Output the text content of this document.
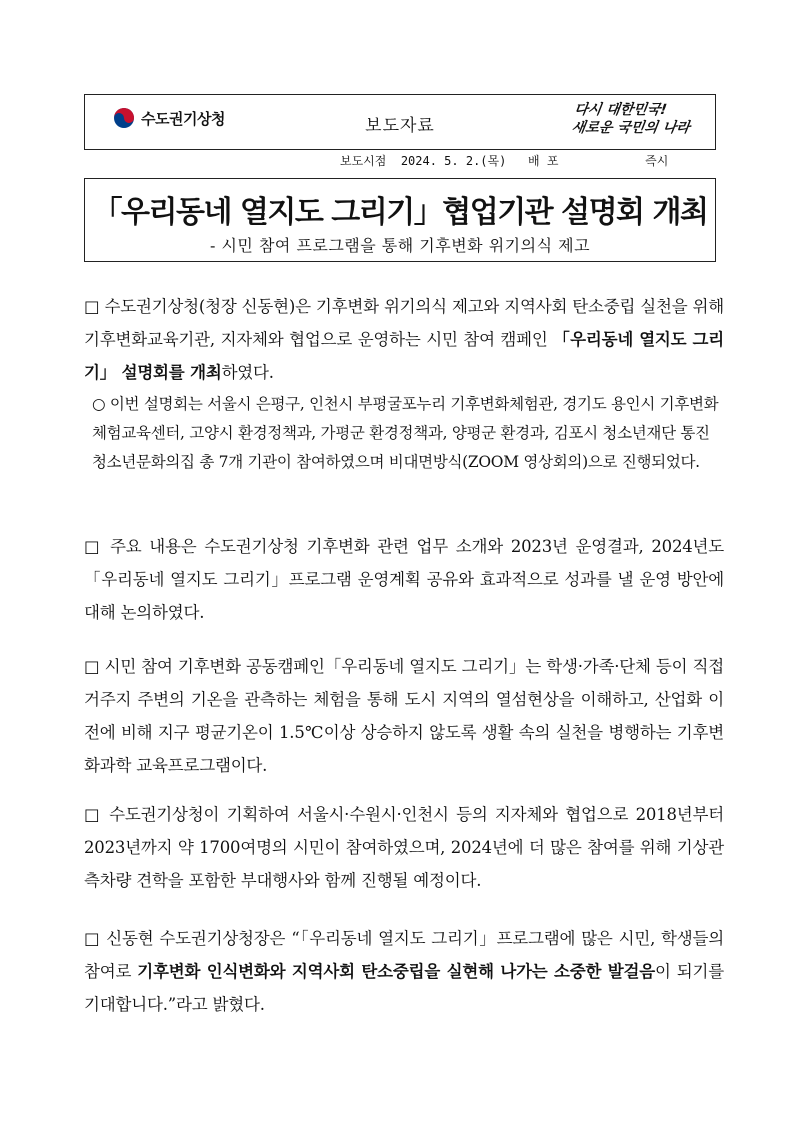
수도권기상청	보도자료
다시 대한민국!
새로운 국민의 나라
보도시점
2024. 5. 2.(목)
배 포
	즉시
「우리동네 열지도 그리기」협업기관 설명회 개최
- 시민 참여 프로그램을 통해 기후변화 위기의식 제고
□ 수도권기상청(청장 신동현)은 기후변화 위기의식 제고와 지역사회 탄소중립 실천을 위해 기후변화교육기관, 지자체와 협업으로 운영하는 시민 참여 캠페인 「우리동네 열지도 그리기」 설명회를 개최하였다.
○ 이번 설명회는 서울시 은평구, 인천시 부평굴포누리 기후변화체험관, 경기도 용인시 기후변화체험교육센터, 고양시 환경정책과, 가평군 환경정책과, 양평군 환경과, 김포시 청소년재단 통진청소년문화의집 총 7개 기관이 참여하였으며 비대면방식(ZOOM 영상회의)으로 진행되었다.
□ 주요 내용은 수도권기상청 기후변화 관련 업무 소개와 2023년 운영결과, 2024년도「우리동네 열지도 그리기」프로그램 운영계획 공유와 효과적으로 성과를 낼 운영 방안에 대해 논의하였다.
□ 시민 참여 기후변화 공동캠페인「우리동네 열지도 그리기」는 학생·가족·단체 등이 직접 거주지 주변의 기온을 관측하는 체험을 통해 도시 지역의 열섬현상을 이해하고, 산업화 이전에 비해 지구 평균기온이 1.5℃이상 상승하지 않도록 생활 속의 실천을 병행하는 기후변화과학 교육프로그램이다.
□ 수도권기상청이 기획하여 서울시·수원시·인천시 등의 지자체와 협업으로 2018년부터 2023년까지 약 1700여명의 시민이 참여하였으며, 2024년에 더 많은 참여를 위해 기상관측차량 견학을 포함한 부대행사와 함께 진행될 예정이다.
□ 신동현 수도권기상청장은 “「우리동네 열지도 그리기」프로그램에 많은 시민, 학생들의 참여로 기후변화 인식변화와 지역사회 탄소중립을 실현해 나가는 소중한 발걸음이 되기를 기대합니다.”라고 밝혔다.
